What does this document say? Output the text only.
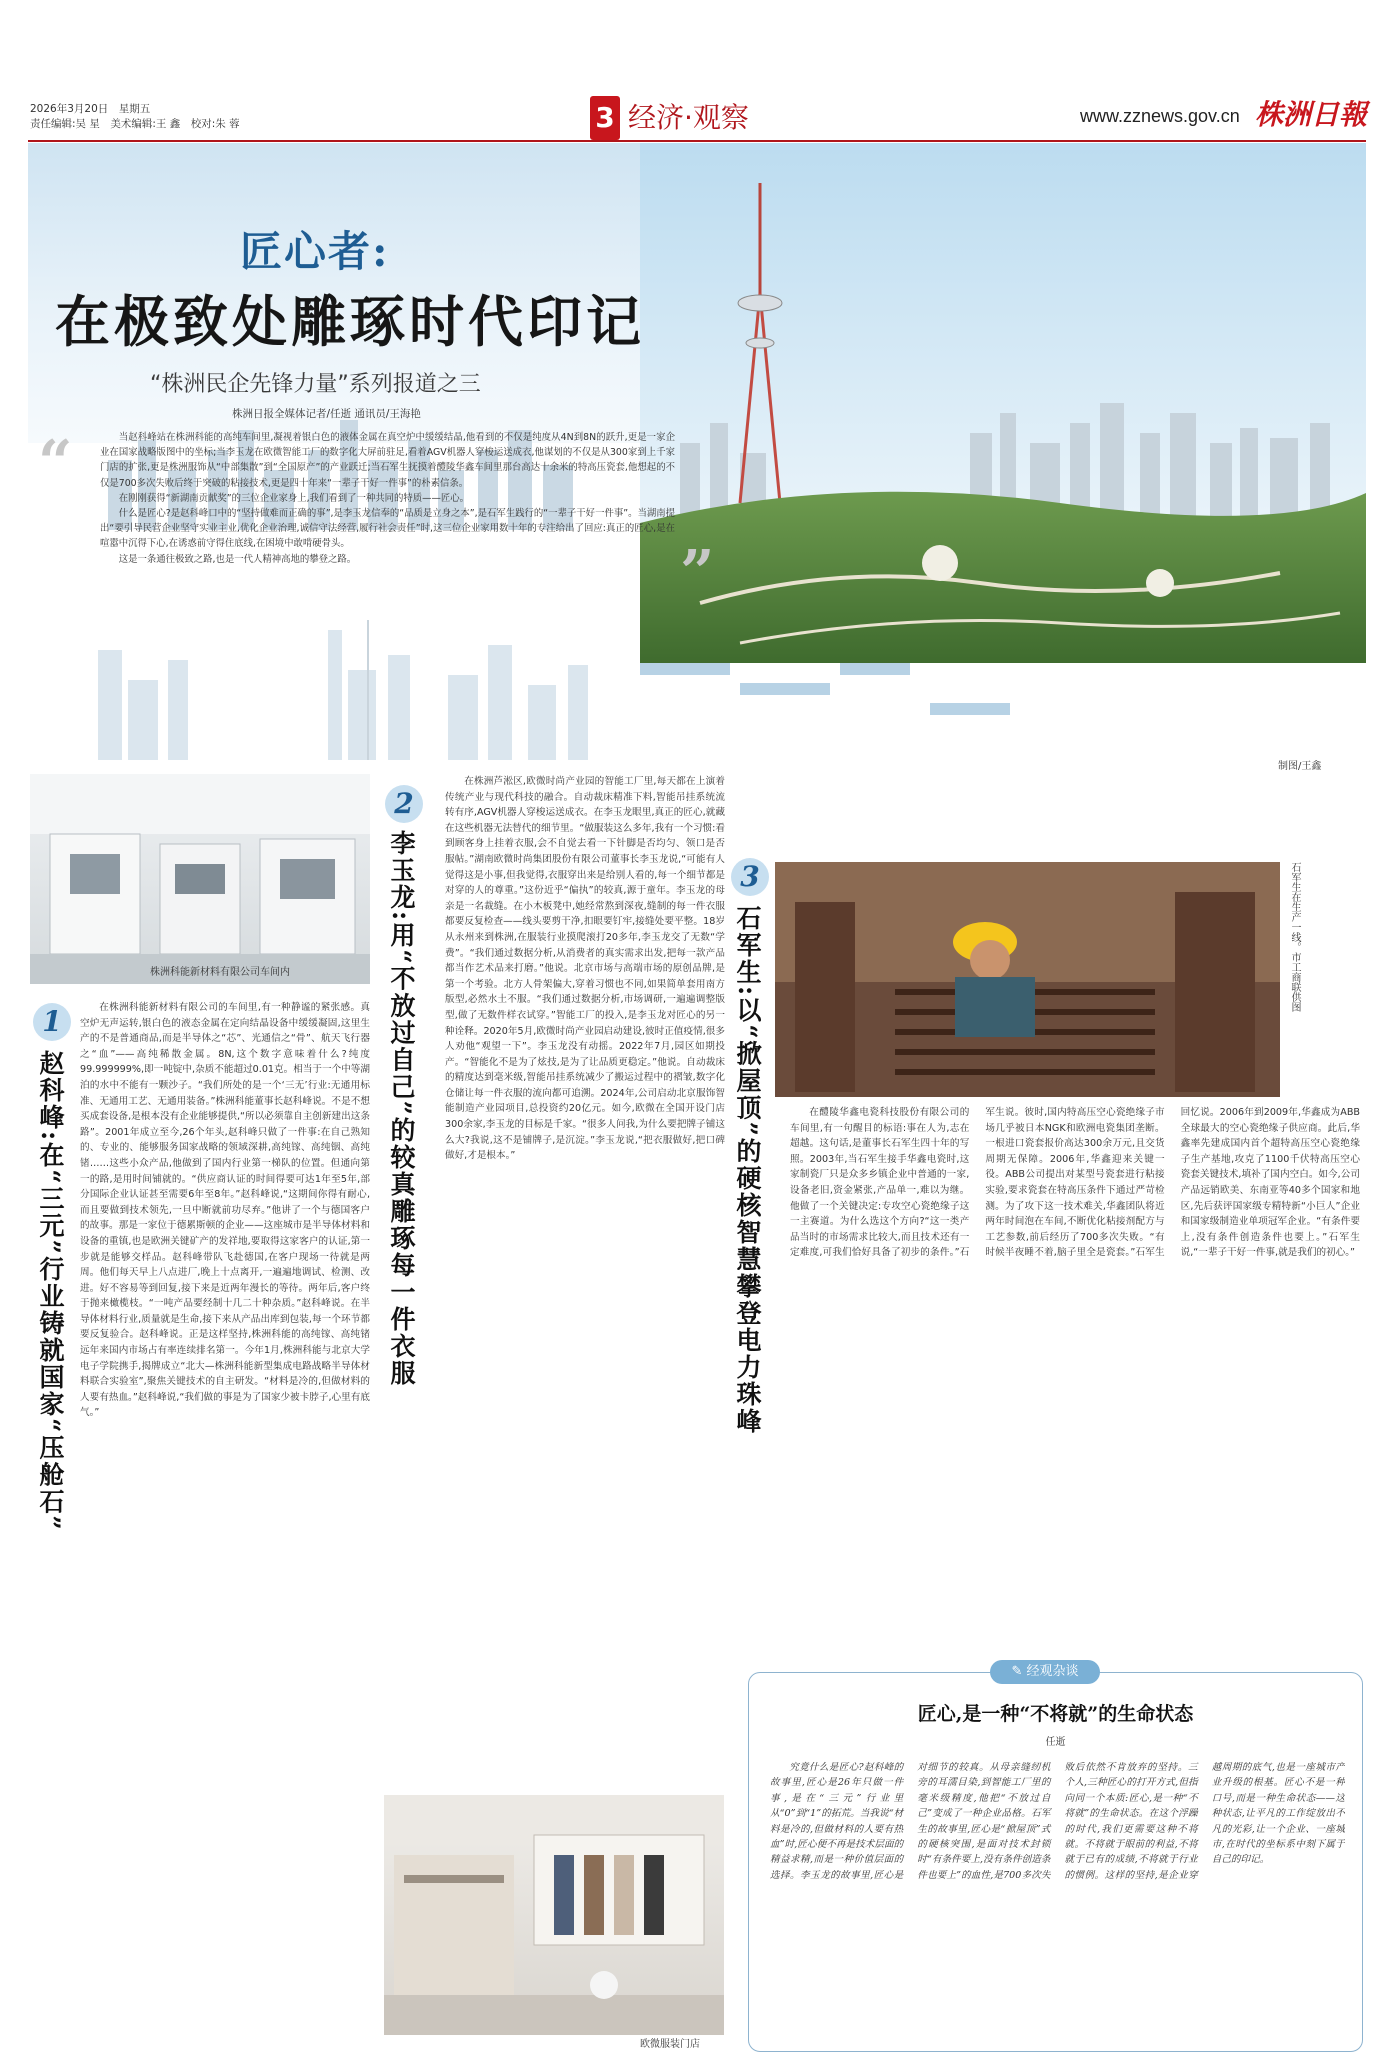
2026年3月20日　星期五
责任编辑:吴 星　美术编辑:王 鑫　校对:朱 蓉	3 经济·观察	www.zznews.gov.cn 株洲日報
匠心者:
在极致处雕琢时代印记
“株洲民企先锋力量”系列报道之三
株洲日报全媒体记者/任逝 通讯员/王海艳
“
”

当赵科峰站在株洲科能的高纯车间里,凝视着银白色的液体金属在真空炉中缓缓结晶,他看到的不仅是纯度从4N到8N的跃升,更是一家企业在国家战略版图中的坐标;当李玉龙在欧微智能工厂的数字化大屏前驻足,看着AGV机器人穿梭运送成衣,他谋划的不仅是从300家到上千家门店的扩张,更是株洲服饰从“中部集散”到“全国原产”的产业跃迁;当石军生抚摸着醴陵华鑫车间里那台高达十余米的特高压瓷套,他想起的不仅是700多次失败后终于突破的粘接技术,更是四十年来“一辈子干好一件事”的朴素信条。

在刚刚获得“新湖南贡献奖”的三位企业家身上,我们看到了一种共同的特质——匠心。

什么是匠心?是赵科峰口中的“坚持做难而正确的事”,是李玉龙信奉的“品质是立身之本”,是石军生践行的“一辈子干好一件事”。当湖南提出“要引导民营企业坚守实业主业,优化企业治理,诚信守法经营,履行社会责任”时,这三位企业家用数十年的专注给出了回应:真正的匠心,是在喧嚣中沉得下心,在诱惑前守得住底线,在困境中敢啃硬骨头。

这是一条通往极致之路,也是一代人精神高地的攀登之路。

制图/王鑫
株洲科能新材料有限公司车间内
1
赵科峰:在“三元”行业铸就国家“压舱石”

在株洲科能新材料有限公司的车间里,有一种静谧的紧张感。真空炉无声运转,银白色的液态金属在定向结晶设备中缓缓凝固,这里生产的不是普通商品,而是半导体之“芯”、光通信之“骨”、航天飞行器之“血”——高纯稀散金属。8N,这个数字意味着什么?纯度99.999999%,即一吨锭中,杂质不能超过0.01克。相当于一个中等湖泊的水中不能有一颗沙子。“我们所处的是一个‘三无’行业:无通用标准、无通用工艺、无通用装备。”株洲科能董事长赵科峰说。不是不想买成套设备,是根本没有企业能够提供,“所以必须靠自主创新建出这条路”。2001年成立至今,26个年头,赵科峰只做了一件事:在自己熟知的、专业的、能够服务国家战略的领域深耕,高纯镓、高纯铟、高纯锗……这些小众产品,他做到了国内行业第一梯队的位置。但通向第一的路,是用时间铺就的。“供应商认证的时间得要可达1年至5年,部分国际企业认证甚至需要6年至8年。”赵科峰说,“这期间你得有耐心,而且要做到技术领先,一旦中断就前功尽弃。”他讲了一个与德国客户的故事。那是一家位于德累斯顿的企业——这座城市是半导体材料和设备的重镇,也是欧洲关键矿产的发祥地,要取得这家客户的认证,第一步就是能够交样品。赵科峰带队飞赴德国,在客户现场一待就是两周。他们每天早上八点进厂,晚上十点离开,一遍遍地调试、检测、改进。好不容易等到回复,接下来是近两年漫长的等待。两年后,客户终于抛来橄榄枝。“一吨产品要经制十几二十种杂质。”赵科峰说。在半导体材料行业,质量就是生命,接下来从产品出库到包装,每一个环节都要反复验合。赵科峰说。正是这样坚持,株洲科能的高纯镓、高纯锗远年来国内市场占有率连续排名第一。今年1月,株洲科能与北京大学电子学院携手,揭牌成立“北大—株洲科能新型集成电路战略半导体材料联合实验室”,聚焦关键技术的自主研发。“材料是冷的,但做材料的人要有热血。”赵科峰说,“我们做的事是为了国家少被卡脖子,心里有底气。”

2
李玉龙:用“不放过自己”的较真雕琢每一件衣服

在株洲芦淞区,欧微时尚产业园的智能工厂里,每天都在上演着传统产业与现代科技的融合。自动裁床精准下料,智能吊挂系统流转有序,AGV机器人穿梭运送成衣。在李玉龙眼里,真正的匠心,就藏在这些机器无法替代的细节里。“做服装这么多年,我有一个习惯:看到顾客身上挂着衣服,会不自觉去看一下针脚是否均匀、领口是否服帖。”湖南欧微时尚集团股份有限公司董事长李玉龙说,“可能有人觉得这是小事,但我觉得,衣服穿出来是给别人看的,每一个细节都是对穿的人的尊重。”这份近乎“偏执”的较真,源于童年。李玉龙的母亲是一名裁缝。在小木板凳中,她经常熬到深夜,缝制的每一件衣服都要反复检查——线头要剪干净,扣眼要钉牢,接缝处要平整。18岁从永州来到株洲,在服装行业摸爬滚打20多年,李玉龙交了无数“学费”。“我们通过数据分析,从消费者的真实需求出发,把每一款产品都当作艺术品来打磨。”他说。北京市场与高端市场的原创品牌,是第一个考验。北方人骨架偏大,穿着习惯也不同,如果简单套用南方版型,必然水土不服。“我们通过数据分析,市场调研,一遍遍调整版型,做了无数件样衣试穿。”智能工厂的投入,是李玉龙对匠心的另一种诠释。2020年5月,欧微时尚产业园启动建设,彼时正值疫情,很多人劝他“观望一下”。李玉龙没有动摇。2022年7月,园区如期投产。“智能化不是为了炫技,是为了让品质更稳定。”他说。自动裁床的精度达到毫米级,智能吊挂系统减少了搬运过程中的褶皱,数字化仓储让每一件衣服的流向都可追溯。2024年,公司启动北京服饰智能制造产业园项目,总投资约20亿元。如今,欧微在全国开设门店300余家,李玉龙的目标是千家。“很多人问我,为什么要把牌子铺这么大?我说,这不是铺牌子,是沉淀。”李玉龙说,“把衣服做好,把口碑做好,才是根本。”

欧微服装门店
3
石军生:以“掀屋顶”的硬核智慧攀登电力珠峰	石军生在生产一线。市工商联供图

在醴陵华鑫电瓷科技股份有限公司的车间里,有一句醒目的标语:事在人为,志在超越。这句话,是董事长石军生四十年的写照。2003年,当石军生接手华鑫电瓷时,这家制瓷厂只是众多乡镇企业中普通的一家,设备老旧,资金紧张,产品单一,难以为继。他做了一个关键决定:专攻空心瓷绝缘子这一主赛道。为什么选这个方向?“这一类产品当时的市场需求比较大,而且技术还有一定难度,可我们恰好具备了初步的条件。”石军生说。彼时,国内特高压空心瓷绝缘子市场几乎被日本NGK和欧洲电瓷集团垄断。一根进口瓷套报价高达300余万元,且交货周期无保障。2006年,华鑫迎来关键一役。ABB公司提出对某型号瓷套进行粘接实验,要求瓷套在特高压条件下通过严苛检测。为了攻下这一技术难关,华鑫团队将近两年时间泡在车间,不断优化粘接剂配方与工艺参数,前后经历了700多次失败。“有时候半夜睡不着,脑子里全是瓷套。”石军生回忆说。2006年到2009年,华鑫成为ABB全球最大的空心瓷绝缘子供应商。此后,华鑫率先建成国内首个超特高压空心瓷绝缘子生产基地,攻克了1100千伏特高压空心瓷套关键技术,填补了国内空白。如今,公司产品远销欧美、东南亚等40多个国家和地区,先后获评国家级专精特新“小巨人”企业和国家级制造业单项冠军企业。“有条件要上,没有条件创造条件也要上。”石军生说,“一辈子干好一件事,就是我们的初心。”

✎ 经观杂谈
匠心,是一种“不将就”的生命状态
任逝

究竟什么是匠心?赵科峰的故事里,匠心是26年只做一件事,是在“三元”行业里从“0”到“1”的拓荒。当我说“材料是冷的,但做材料的人要有热血”时,匠心便不再是技术层面的精益求精,而是一种价值层面的选择。李玉龙的故事里,匠心是对细节的较真。从母亲缝纫机旁的耳濡目染,到智能工厂里的毫米级精度,他把“不放过自己”变成了一种企业品格。石军生的故事里,匠心是“掀屋顶”式的硬核突围,是面对技术封锁时“有条件要上,没有条件创造条件也要上”的血性,是700多次失败后依然不肯放弃的坚持。三个人,三种匠心的打开方式,但指向同一个本质:匠心,是一种“不将就”的生命状态。在这个浮躁的时代,我们更需要这种不将就。不将就于眼前的利益,不将就于已有的成绩,不将就于行业的惯例。这样的坚持,是企业穿越周期的底气,也是一座城市产业升级的根基。匠心不是一种口号,而是一种生命状态——这种状态,让平凡的工作绽放出不凡的光彩,让一个企业、一座城市,在时代的坐标系中刻下属于自己的印记。
